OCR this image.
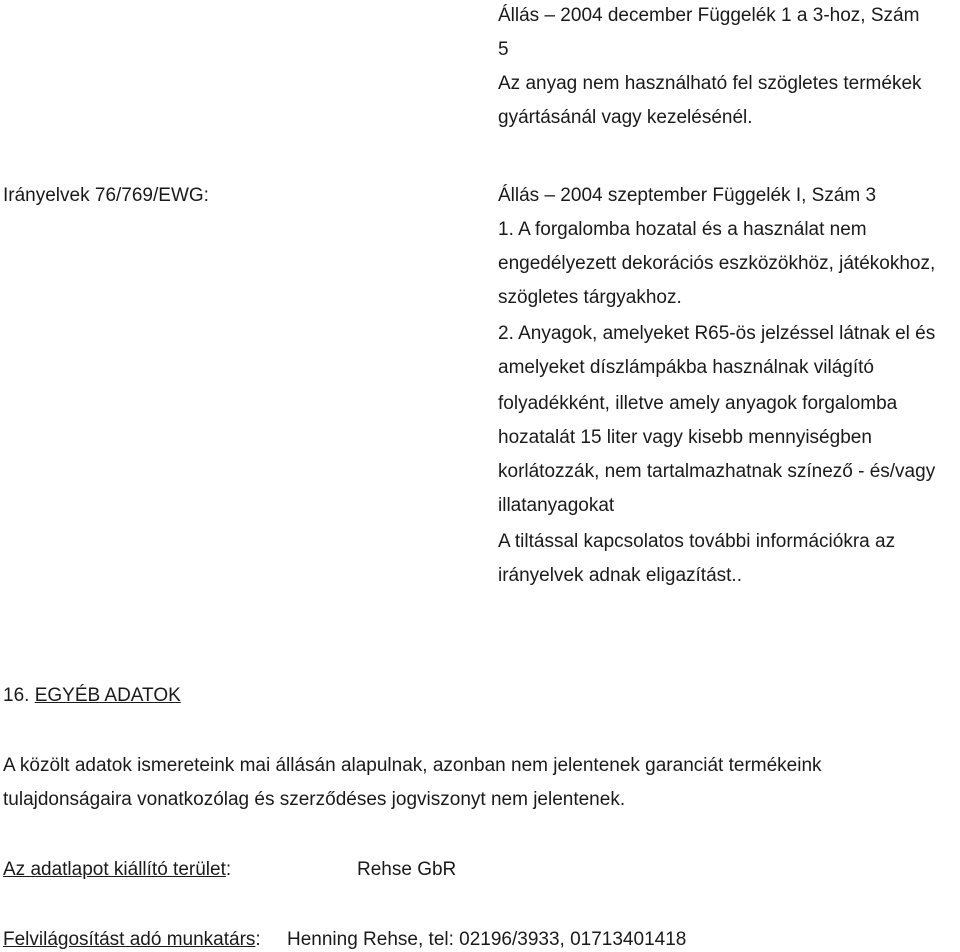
Állás – 2004 december Függelék 1 a 3-hoz, Szám
5
Az anyag nem használható fel szögletes termékek
gyártásánál vagy kezelésénél.
Irányelvek 76/769/EWG:	Állás – 2004 szeptember Függelék I, Szám 3
1. A forgalomba hozatal és a használat nem
engedélyezett dekorációs eszközökhöz, játékokhoz,
szögletes tárgyakhoz.
2. Anyagok, amelyeket R65-ös jelzéssel látnak el és
amelyeket díszlámpákba használnak világító
folyadékként, illetve amely anyagok forgalomba
hozatalát 15 liter vagy kisebb mennyiségben
korlátozzák, nem tartalmazhatnak színező - és/vagy
illatanyagokat
A tiltással kapcsolatos további információkra az
irányelvek adnak eligazítást..
16. EGYÉB ADATOK
A közölt adatok ismereteink mai állásán alapulnak, azonban nem jelentenek garanciát termékeink
tulajdonságaira vonatkozólag és szerződéses jogviszonyt nem jelentenek.
Az adatlapot kiállító terület:	Rehse GbR
Felvilágosítást adó munkatárs: Henning Rehse, tel: 02196/3933, 01713401418
